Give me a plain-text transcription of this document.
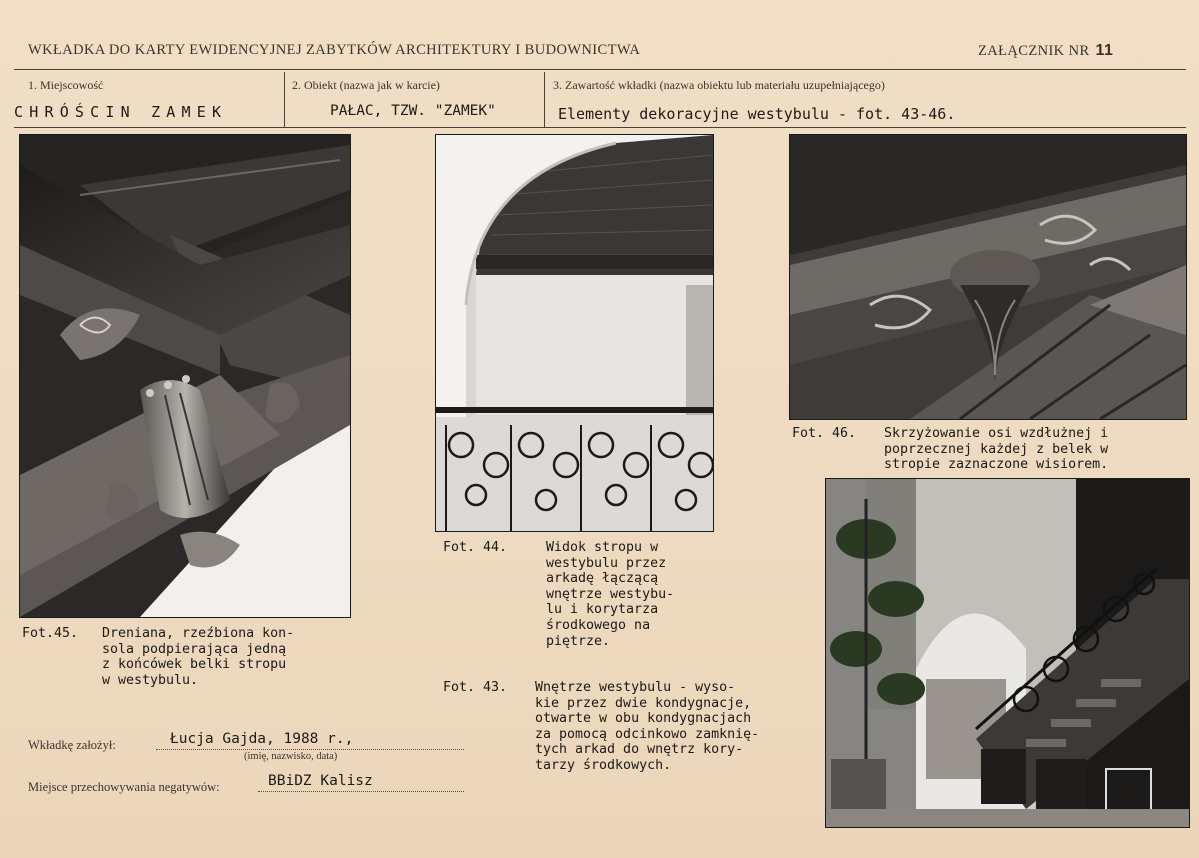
WKŁADKA DO KARTY EWIDENCYJNEJ ZABYTKÓW ARCHITEKTURY I BUDOWNICTWA	ZAŁĄCZNIK NR 11
1. Miejscowość	2. Obiekt (nazwa jak w karcie)	3. Zawartość wkładki (nazwa obiektu lub materiału uzupełniającego)
CHRÓŚCIN ZAMEK	PAŁAC, TZW. "ZAMEK"	Elementy dekoracyjne westybulu - fot. 43-46.
Fot.45. Dreniana, rzeźbiona kon-
sola podpierająca jedną
z końcówek belki stropu
w westybulu.
Fot. 44.	Widok stropu w
westybulu przez
arkadę łączącą
wnętrze westybu-
lu i korytarza
środkowego na
piętrze.
Fot. 43. Wnętrze westybulu - wyso-
kie przez dwie kondygnacje,
otwarte w obu kondygnacjach
za pomocą odcinkowo zamknię-
tych arkad do wnętrz kory-
tarzy środkowych.
Fot. 46. Skrzyżowanie osi wzdłużnej i
poprzecznej każdej z belek w
stropie zaznaczone wisiorem.
Wkładkę założył:	Łucja Gajda, 1988 r.,
(imię, nazwisko, data)
Miejsce przechowywania negatywów:	BBiDZ Kalisz
